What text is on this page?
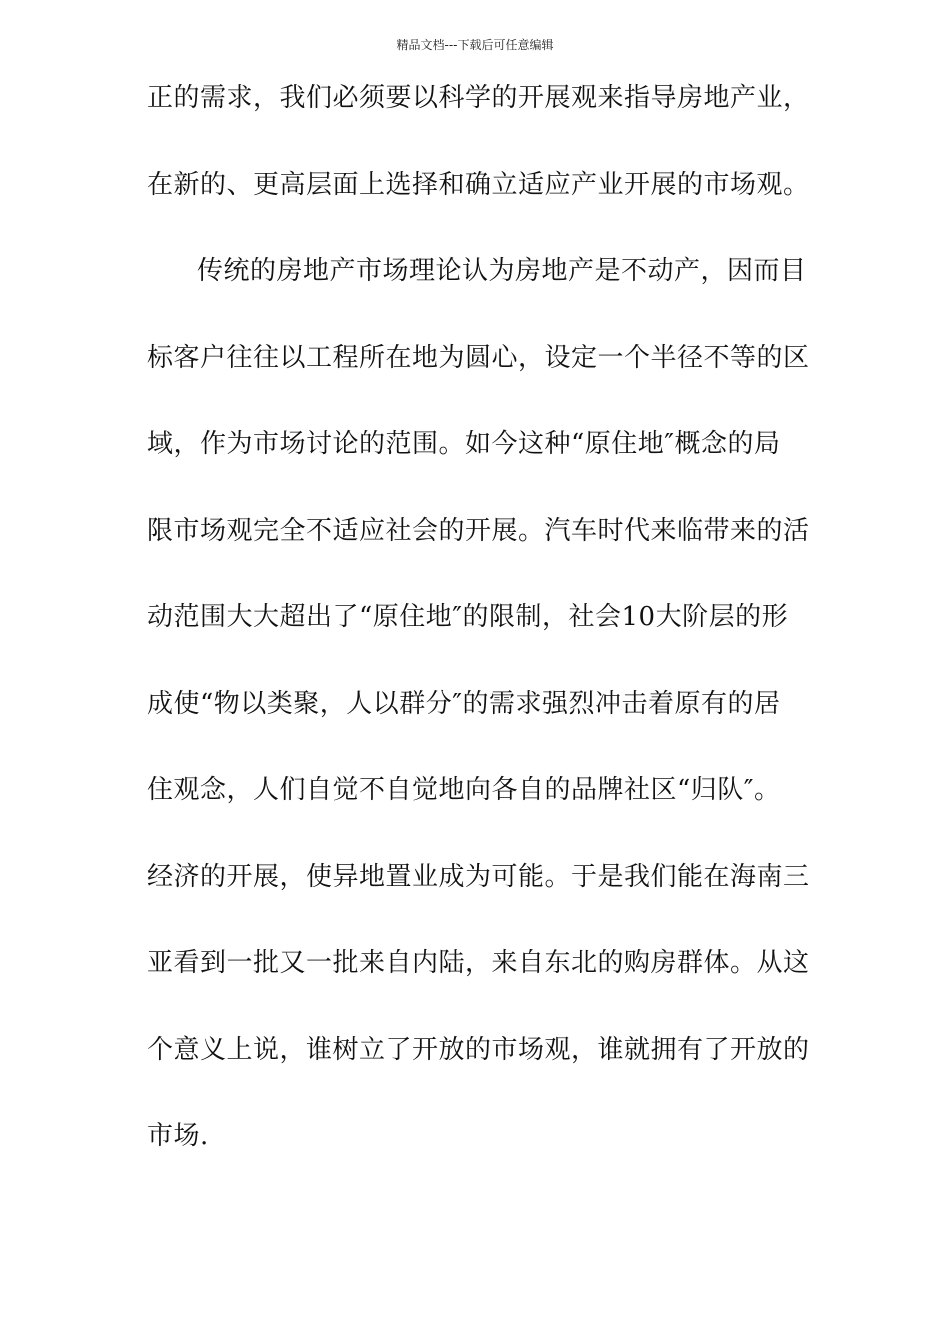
精品文档---下载后可任意编辑
正的需求，我们必须要以科学的开展观来指导房地产业，
在新的、更高层面上选择和确立适应产业开展的市场观。
传统的房地产市场理论认为房地产是不动产，因而目
标客户往往以工程所在地为圆心，设定一个半径不等的区
域，作为市场讨论的范围。如今这种“原住地″概念的局
限市场观完全不适应社会的开展。汽车时代来临带来的活
动范围大大超出了“原住地″的限制，社会10大阶层的形
成使“物以类聚，人以群分″的需求强烈冲击着原有的居
住观念，人们自觉不自觉地向各自的品牌社区“归队″。
经济的开展，使异地置业成为可能。于是我们能在海南三
亚看到一批又一批来自内陆，来自东北的购房群体。从这
个意义上说，谁树立了开放的市场观，谁就拥有了开放的
市场.
